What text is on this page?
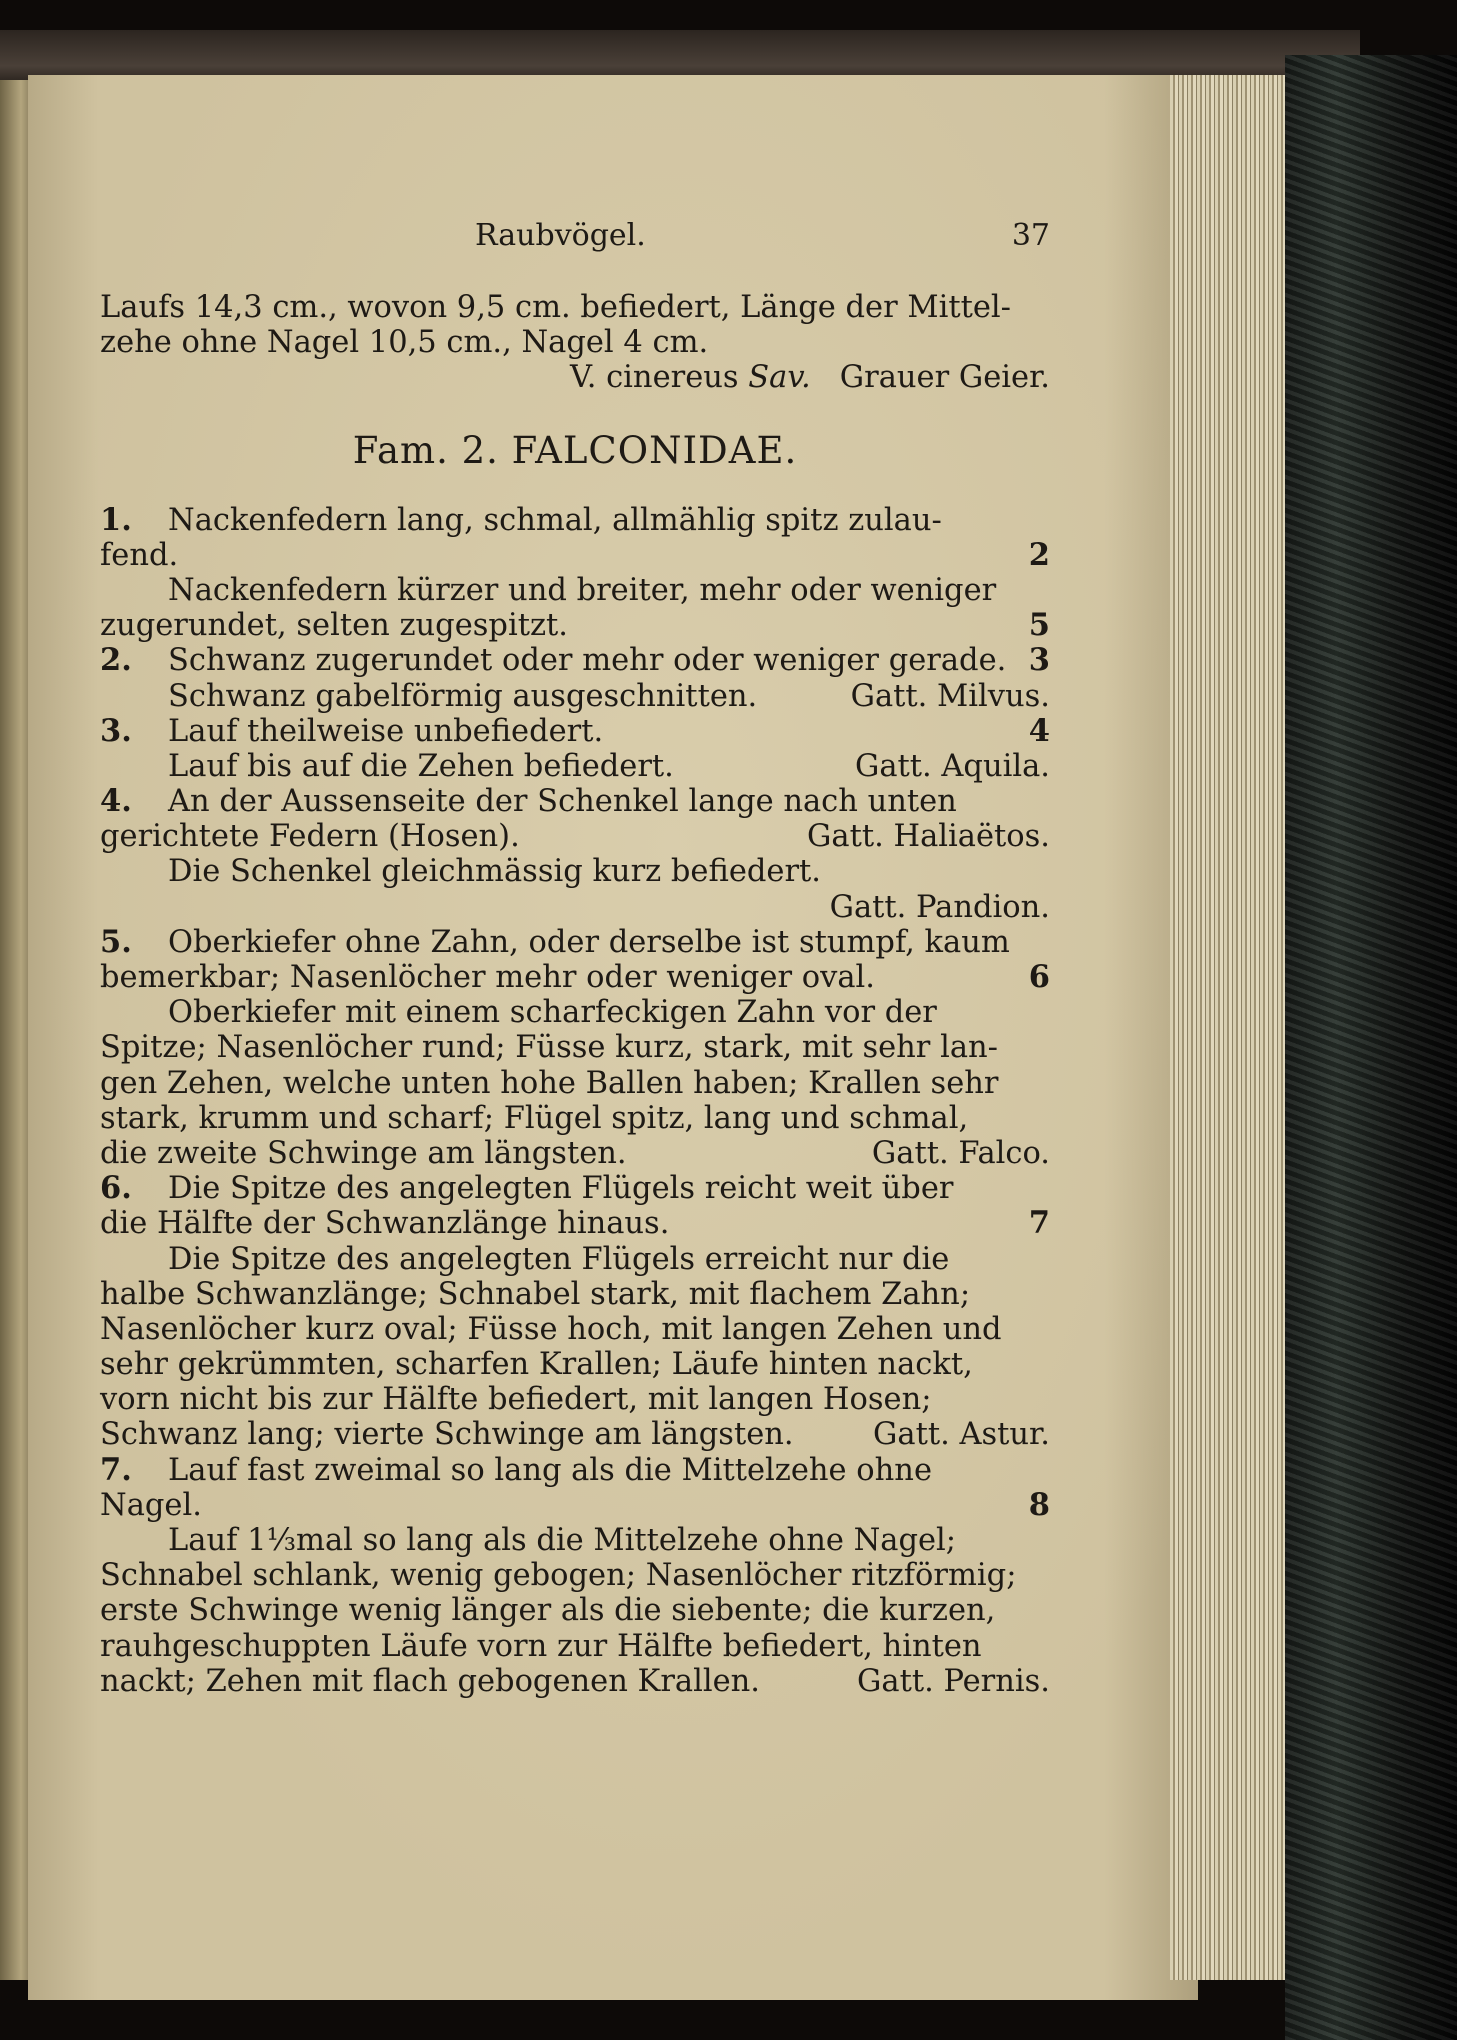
Raubvögel.	37
Laufs 14,3 cm., wovon 9,5 cm. befiedert, Länge der Mittel-
zehe ohne Nagel 10,5 cm., Nagel 4 cm.
V. cinereus Sav. Grauer Geier.
Fam. 2. FALCONIDAE.
1.	Nackenfedern lang, schmal, allmählig spitz zulau-
fend.	2
Nackenfedern kürzer und breiter, mehr oder weniger
zugerundet, selten zugespitzt.	5
2.	Schwanz zugerundet oder mehr oder weniger gerade. 3
Schwanz gabelförmig ausgeschnitten.	Gatt. Milvus.
3.	Lauf theilweise unbefiedert.	4
Lauf bis auf die Zehen befiedert.	Gatt. Aquila.
4.	An der Aussenseite der Schenkel lange nach unten
gerichtete Federn (Hosen).	Gatt. Haliaëtos.
Die Schenkel gleichmässig kurz befiedert.
Gatt. Pandion.
5.	Oberkiefer ohne Zahn, oder derselbe ist stumpf, kaum
bemerkbar; Nasenlöcher mehr oder weniger oval.	6
Oberkiefer mit einem scharfeckigen Zahn vor der
Spitze; Nasenlöcher rund; Füsse kurz, stark, mit sehr lan-
gen Zehen, welche unten hohe Ballen haben; Krallen sehr
stark, krumm und scharf; Flügel spitz, lang und schmal,
die zweite Schwinge am längsten.	Gatt. Falco.
6.	Die Spitze des angelegten Flügels reicht weit über
die Hälfte der Schwanzlänge hinaus.	7
Die Spitze des angelegten Flügels erreicht nur die
halbe Schwanzlänge; Schnabel stark, mit flachem Zahn;
Nasenlöcher kurz oval; Füsse hoch, mit langen Zehen und
sehr gekrümmten, scharfen Krallen; Läufe hinten nackt,
vorn nicht bis zur Hälfte befiedert, mit langen Hosen;
Schwanz lang; vierte Schwinge am längsten.	Gatt. Astur.
7.	Lauf fast zweimal so lang als die Mittelzehe ohne
Nagel.	8
Lauf 1⅓mal so lang als die Mittelzehe ohne Nagel;
Schnabel schlank, wenig gebogen; Nasenlöcher ritzförmig;
erste Schwinge wenig länger als die siebente; die kurzen,
rauhgeschuppten Läufe vorn zur Hälfte befiedert, hinten
nackt; Zehen mit flach gebogenen Krallen.	Gatt. Pernis.
